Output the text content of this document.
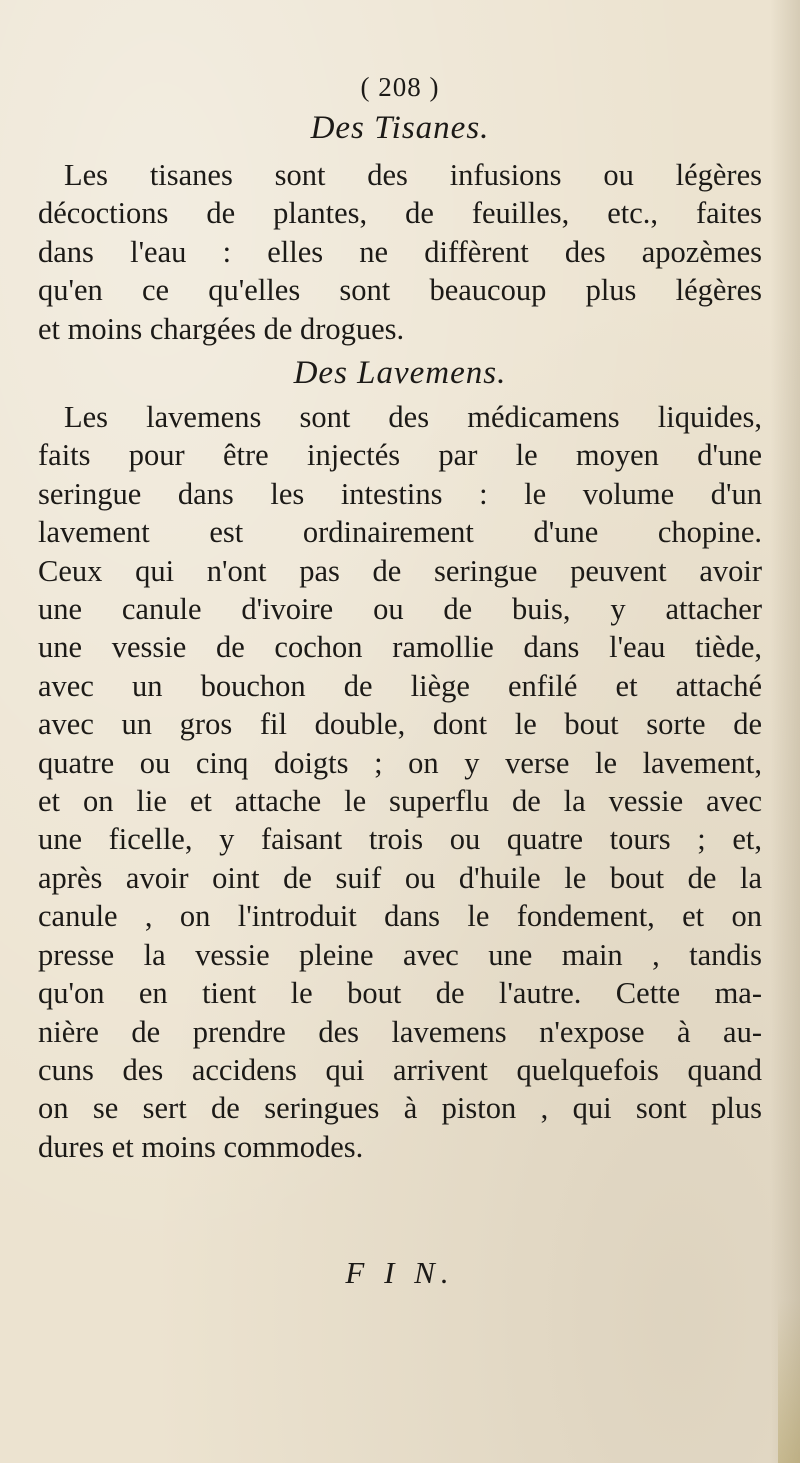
( 208 )
Des Tisanes.
Les tisanes sont des infusions ou légères
décoctions de plantes, de feuilles, etc., faites
dans l'eau : elles ne diffèrent des apozèmes
qu'en ce qu'elles sont beaucoup plus légères
et moins chargées de drogues.
Des Lavemens.
Les lavemens sont des médicamens liquides,
faits pour être injectés par le moyen d'une
seringue dans les intestins : le volume d'un
lavement est ordinairement d'une chopine.
Ceux qui n'ont pas de seringue peuvent avoir
une canule d'ivoire ou de buis, y attacher
une vessie de cochon ramollie dans l'eau tiède,
avec un bouchon de liège enfilé et attaché
avec un gros fil double, dont le bout sorte de
quatre ou cinq doigts ; on y verse le lavement,
et on lie et attache le superflu de la vessie avec
une ficelle, y faisant trois ou quatre tours ; et,
après avoir oint de suif ou d'huile le bout de la
canule , on l'introduit dans le fondement, et on
presse la vessie pleine avec une main , tandis
qu'on en tient le bout de l'autre. Cette ma-
nière de prendre des lavemens n'expose à au-
cuns des accidens qui arrivent quelquefois quand
on se sert de seringues à piston , qui sont plus
dures et moins commodes.
F I N.
